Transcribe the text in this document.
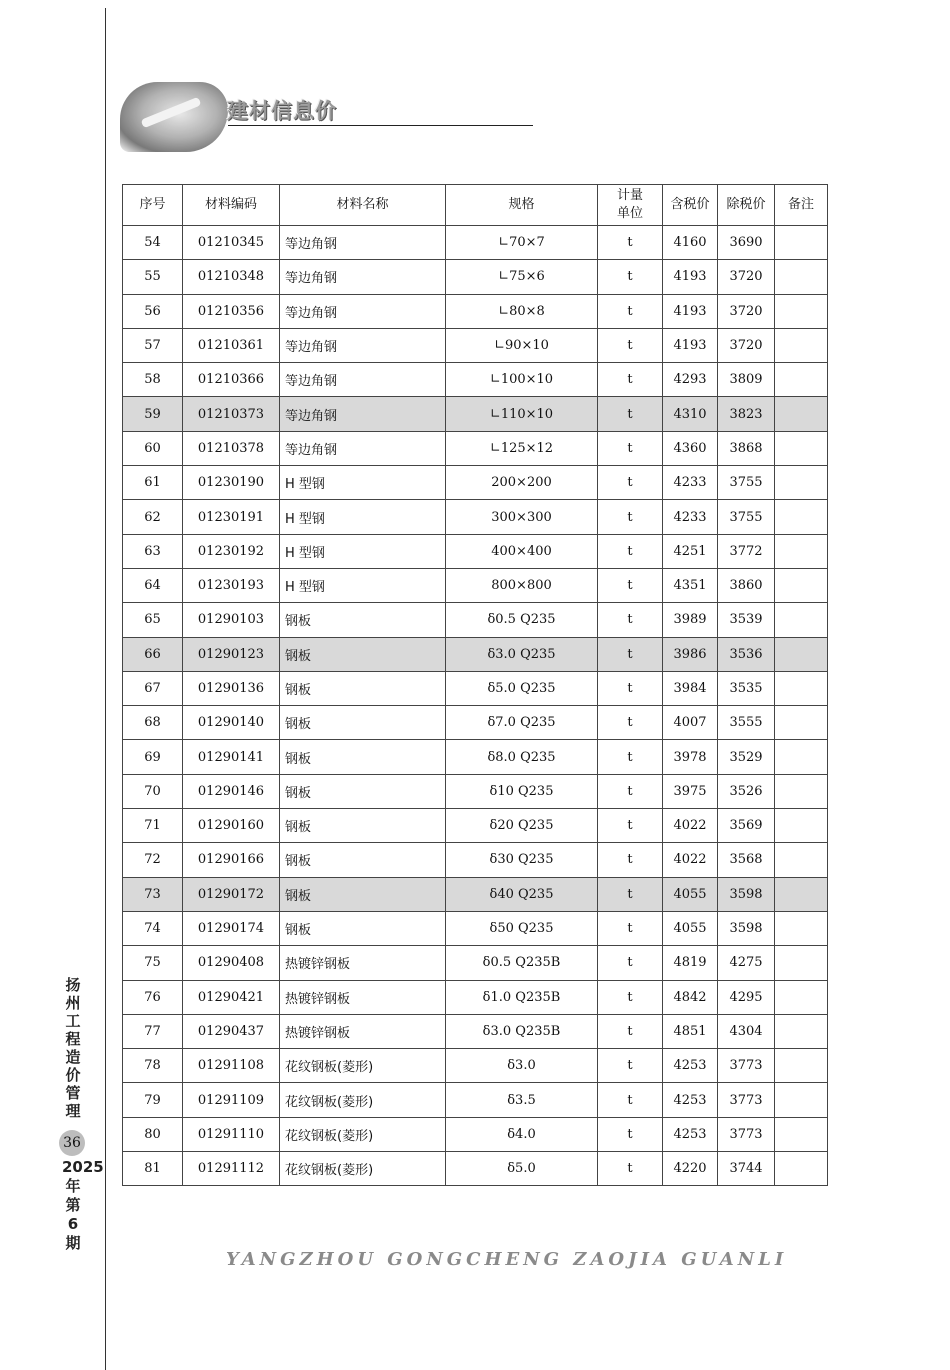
建材信息价
序号	材料编码	材料名称	规格	计量单位	含税价	除税价	备注
54	01210345	等边角钢	∟70×7	t	4160	3690	
55	01210348	等边角钢	∟75×6	t	4193	3720	
56	01210356	等边角钢	∟80×8	t	4193	3720	
57	01210361	等边角钢	∟90×10	t	4193	3720	
58	01210366	等边角钢	∟100×10	t	4293	3809	
59	01210373	等边角钢	∟110×10	t	4310	3823	
60	01210378	等边角钢	∟125×12	t	4360	3868	
61	01230190	H 型钢	200×200	t	4233	3755	
62	01230191	H 型钢	300×300	t	4233	3755	
63	01230192	H 型钢	400×400	t	4251	3772	
64	01230193	H 型钢	800×800	t	4351	3860	
65	01290103	钢板	δ0.5 Q235	t	3989	3539	
66	01290123	钢板	δ3.0 Q235	t	3986	3536	
67	01290136	钢板	δ5.0 Q235	t	3984	3535	
68	01290140	钢板	δ7.0 Q235	t	4007	3555	
69	01290141	钢板	δ8.0 Q235	t	3978	3529	
70	01290146	钢板	δ10 Q235	t	3975	3526	
71	01290160	钢板	δ20 Q235	t	4022	3569	
72	01290166	钢板	δ30 Q235	t	4022	3568	
73	01290172	钢板	δ40 Q235	t	4055	3598	
74	01290174	钢板	δ50 Q235	t	4055	3598	
75	01290408	热镀锌钢板	δ0.5 Q235B	t	4819	4275	
76	01290421	热镀锌钢板	δ1.0 Q235B	t	4842	4295	
77	01290437	热镀锌钢板	δ3.0 Q235B	t	4851	4304	
78	01291108	花纹钢板(菱形)	δ3.0	t	4253	3773	
79	01291109	花纹钢板(菱形)	δ3.5	t	4253	3773	
80	01291110	花纹钢板(菱形)	δ4.0	t	4253	3773	
81	01291112	花纹钢板(菱形)	δ5.0	t	4220	3744	
扬州工程造价管理
36
2025 年第 6 期
YANGZHOU GONGCHENG ZAOJIA GUANLI
